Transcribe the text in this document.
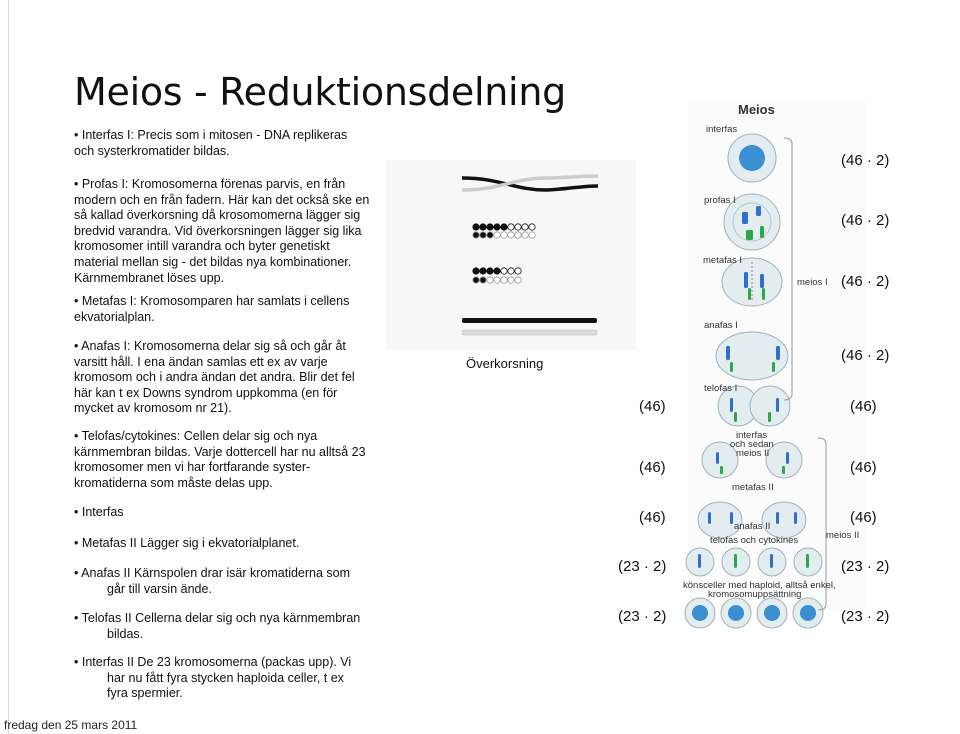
Meios - Reduktionsdelning
• Interfas I: Precis som i mitosen - DNA replikeras
och systerkromatider bildas.
• Profas I: Kromosomerna förenas parvis, en från
modern och en från fadern. Här kan det också ske en
så kallad överkorsning då krosomomerna lägger sig
bredvid varandra. Vid överkorsningen lägger sig lika
kromosomer intill varandra och byter genetiskt
material mellan sig - det bildas nya kombinationer.
Kärnmembranet löses upp.
• Metafas I: Kromosomparen har samlats i cellens
ekvatorialplan.
• Anafas I: Kromosomerna delar sig så och går åt
varsitt håll. I ena ändan samlas ett ex av varje
kromosom och i andra ändan det andra. Blir det fel
här kan t ex Downs syndrom uppkomma (en för
mycket av kromosom nr 21).
• Telofas/cytokines: Cellen delar sig och nya
kärnmembran bildas. Varje dottercell har nu alltså 23
kromosomer men vi har fortfarande syster-
kromatiderna som måste delas upp.
• Interfas
• Metafas II Lägger sig i ekvatorialplanet.
• Anafas II Kärnspolen drar isär kromatiderna som
går till varsin ände.
• Telofas II Cellerna delar sig och nya kärnmembran
bildas.
• Interfas II De 23 kromosomerna (packas upp). Vi
har nu fått fyra stycken haploida celler, t ex
fyra spermier.
Överkorsning
Meios
interfas
profas I
metafas I
meios I
anafas I
telofas I
interfas
och sedan
meios II
metafas II
anafas II
telofas och cytokines	meios II
könsceller med haploid, alltså enkel,
kromosomuppsättning
(46 · 2)
(46 · 2)
(46 · 2)
(46 · 2)
(46)
(46)
(46)
(23 · 2)
(23 · 2)
(46)
(46)
(46)
(23 · 2)
(23 · 2)
fredag den 25 mars 2011
